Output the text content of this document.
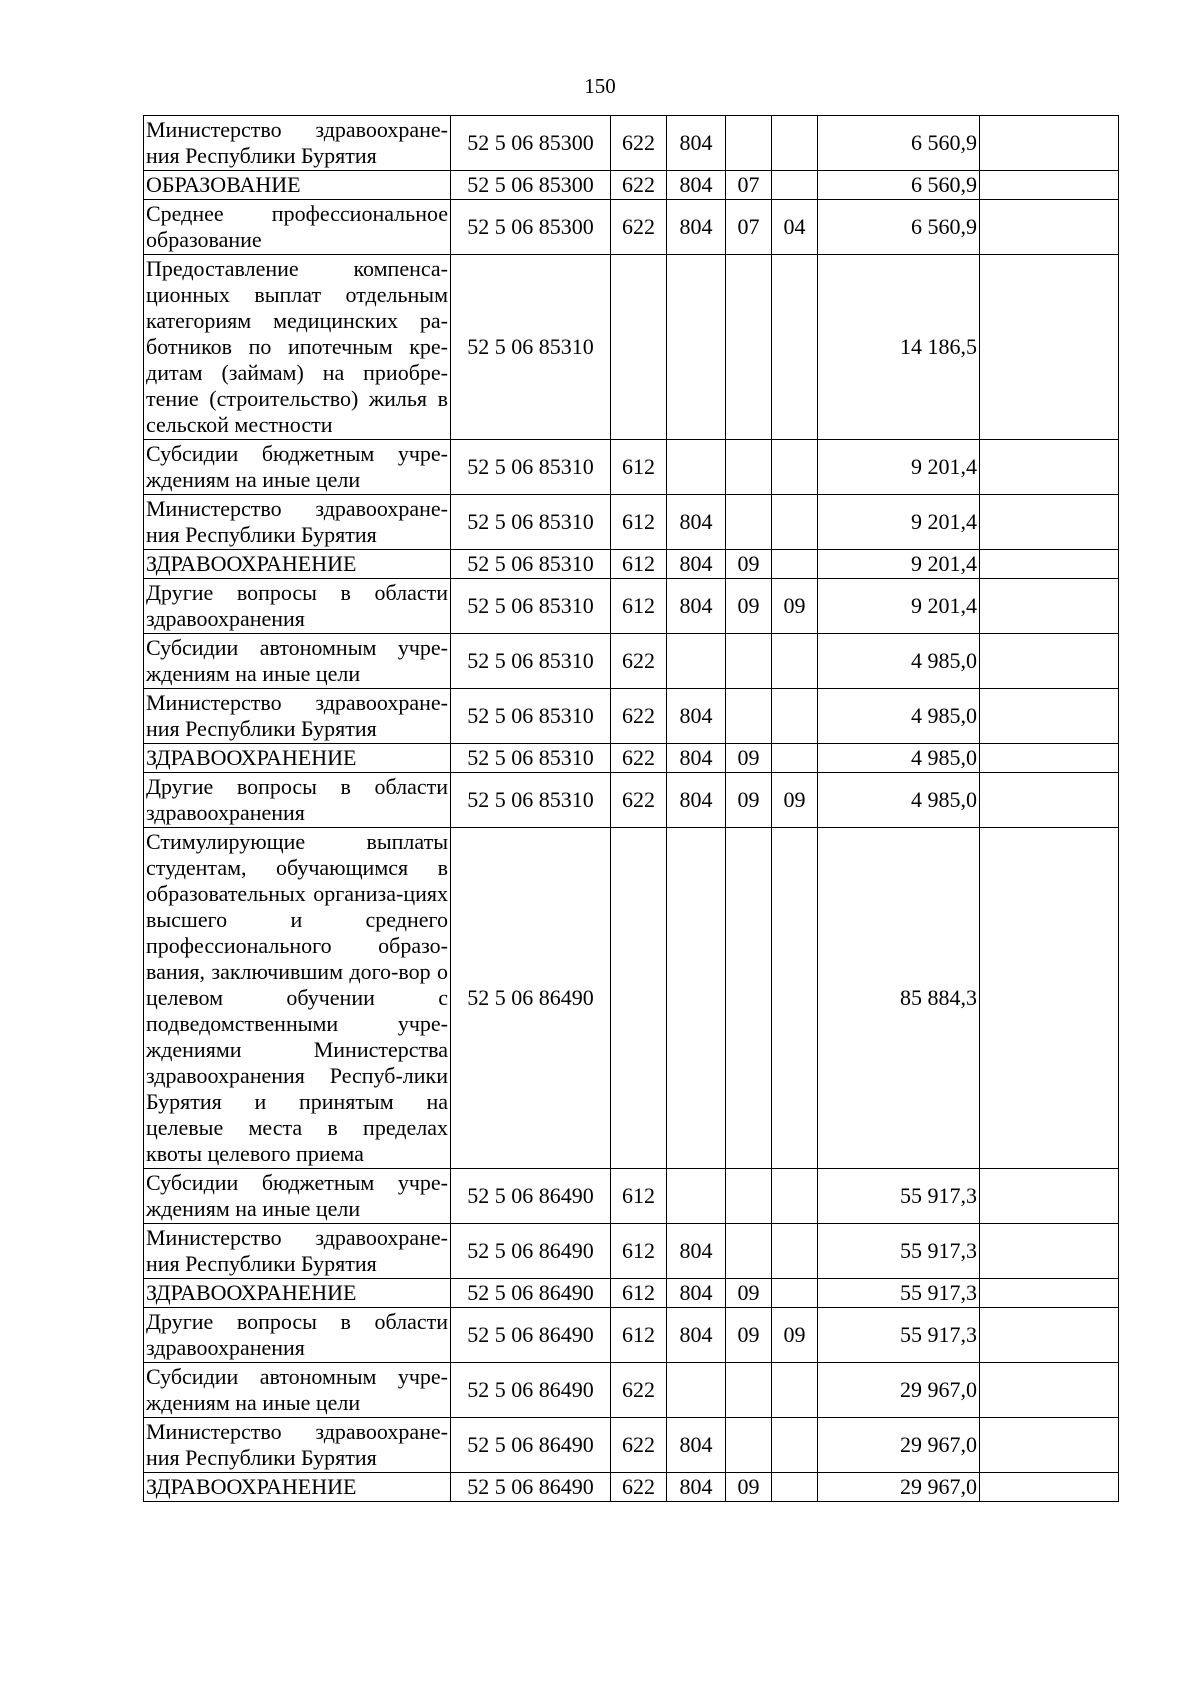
150
Министерство здравоохране-ния Республики Бурятия	52 5 06 85300	622	804			6 560,9	
ОБРАЗОВАНИЕ	52 5 06 85300	622	804	07		6 560,9	
Среднее профессиональное образование	52 5 06 85300	622	804	07	04	6 560,9	
Предоставление компенса-ционных выплат отдельным категориям медицинских ра-ботников по ипотечным кре-дитам (займам) на приобре-тение (строительство) жилья в сельской местности	52 5 06 85310					14 186,5	
Субсидии бюджетным учре-ждениям на иные цели	52 5 06 85310	612				9 201,4	
Министерство здравоохране-ния Республики Бурятия	52 5 06 85310	612	804			9 201,4	
ЗДРАВООХРАНЕНИЕ	52 5 06 85310	612	804	09		9 201,4	
Другие вопросы в области здравоохранения	52 5 06 85310	612	804	09	09	9 201,4	
Субсидии автономным учре-ждениям на иные цели	52 5 06 85310	622				4 985,0	
Министерство здравоохране-ния Республики Бурятия	52 5 06 85310	622	804			4 985,0	
ЗДРАВООХРАНЕНИЕ	52 5 06 85310	622	804	09		4 985,0	
Другие вопросы в области здравоохранения	52 5 06 85310	622	804	09	09	4 985,0	
Стимулирующие выплаты студентам, обучающимся в образовательных организа-циях высшего и среднего профессионального образо-вания, заключившим дого-вор о целевом обучении с подведомственными учре-ждениями Министерства здравоохранения Респуб-лики Бурятия и принятым на целевые места в пределах квоты целевого приема	52 5 06 86490					85 884,3	
Субсидии бюджетным учре-ждениям на иные цели	52 5 06 86490	612				55 917,3	
Министерство здравоохране-ния Республики Бурятия	52 5 06 86490	612	804			55 917,3	
ЗДРАВООХРАНЕНИЕ	52 5 06 86490	612	804	09		55 917,3	
Другие вопросы в области здравоохранения	52 5 06 86490	612	804	09	09	55 917,3	
Субсидии автономным учре-ждениям на иные цели	52 5 06 86490	622				29 967,0	
Министерство здравоохране-ния Республики Бурятия	52 5 06 86490	622	804			29 967,0	
ЗДРАВООХРАНЕНИЕ	52 5 06 86490	622	804	09		29 967,0	
